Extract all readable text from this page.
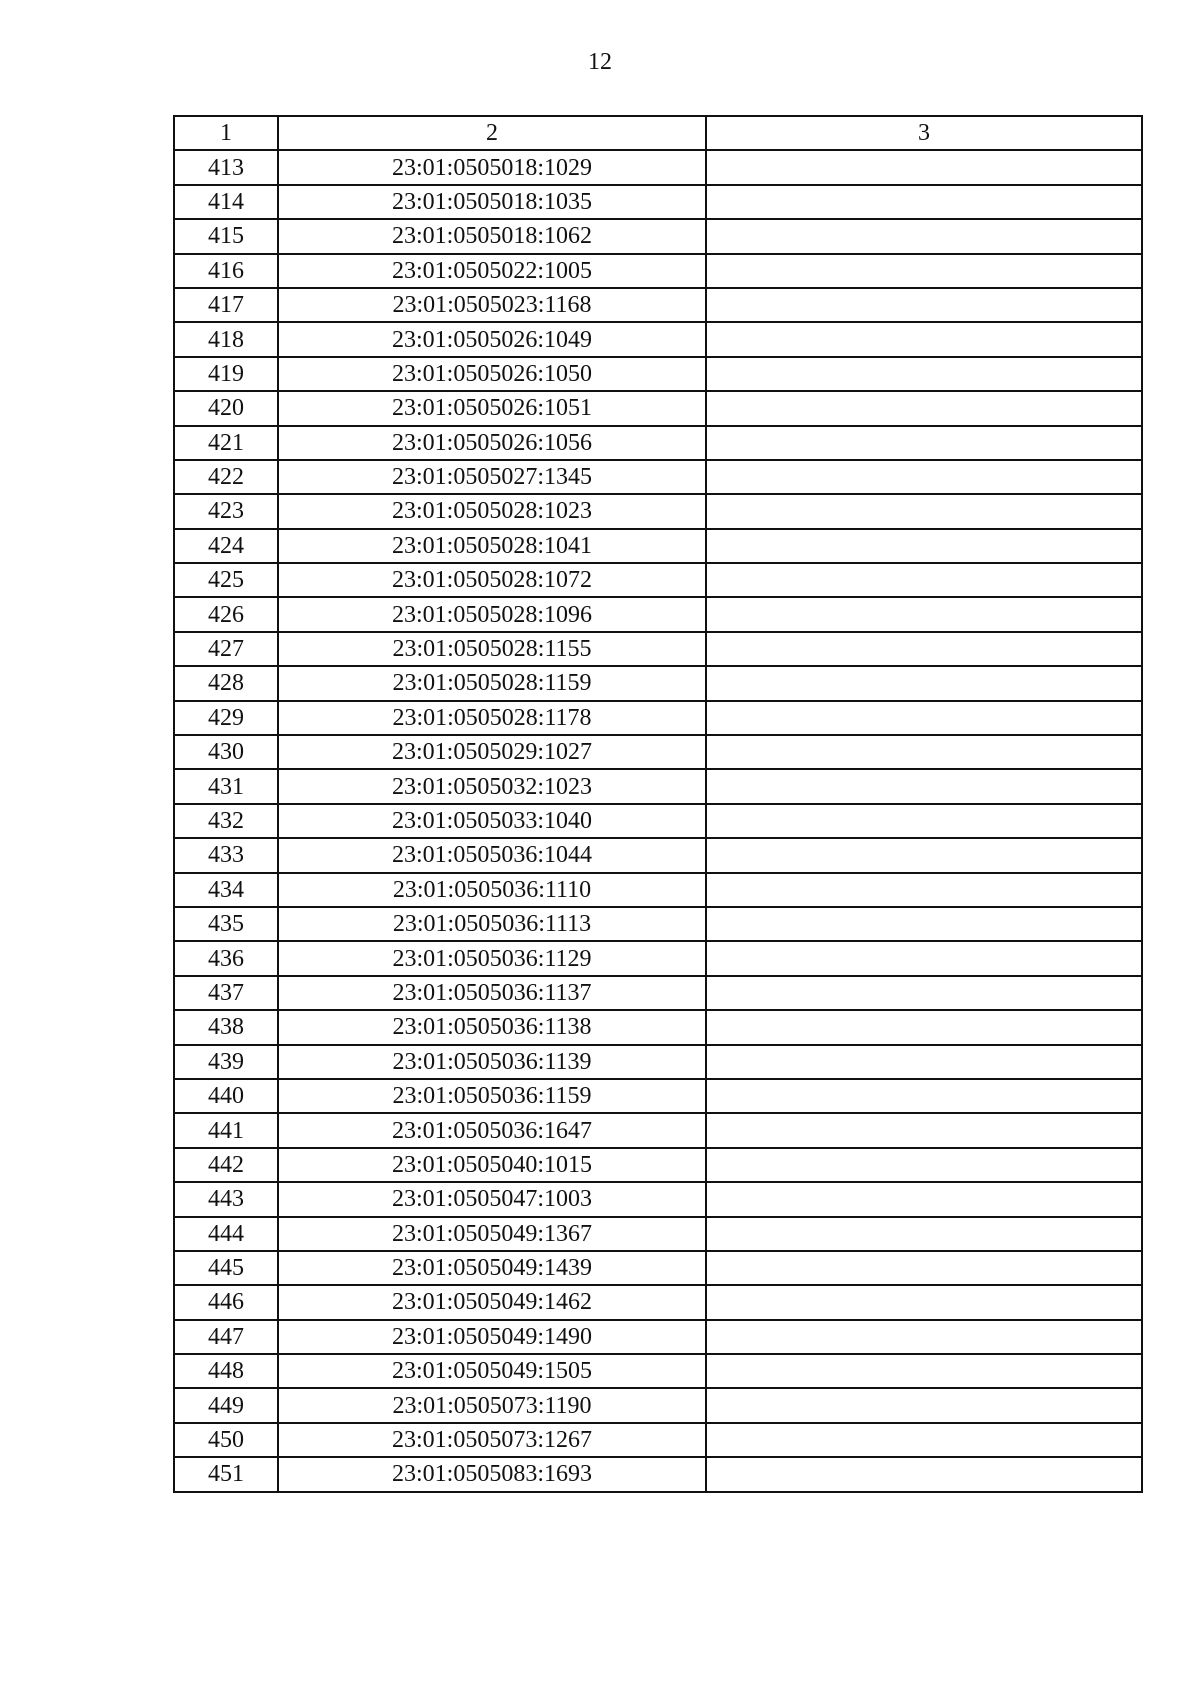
12
1	2	3
413	23:01:0505018:1029	
414	23:01:0505018:1035	
415	23:01:0505018:1062	
416	23:01:0505022:1005	
417	23:01:0505023:1168	
418	23:01:0505026:1049	
419	23:01:0505026:1050	
420	23:01:0505026:1051	
421	23:01:0505026:1056	
422	23:01:0505027:1345	
423	23:01:0505028:1023	
424	23:01:0505028:1041	
425	23:01:0505028:1072	
426	23:01:0505028:1096	
427	23:01:0505028:1155	
428	23:01:0505028:1159	
429	23:01:0505028:1178	
430	23:01:0505029:1027	
431	23:01:0505032:1023	
432	23:01:0505033:1040	
433	23:01:0505036:1044	
434	23:01:0505036:1110	
435	23:01:0505036:1113	
436	23:01:0505036:1129	
437	23:01:0505036:1137	
438	23:01:0505036:1138	
439	23:01:0505036:1139	
440	23:01:0505036:1159	
441	23:01:0505036:1647	
442	23:01:0505040:1015	
443	23:01:0505047:1003	
444	23:01:0505049:1367	
445	23:01:0505049:1439	
446	23:01:0505049:1462	
447	23:01:0505049:1490	
448	23:01:0505049:1505	
449	23:01:0505073:1190	
450	23:01:0505073:1267	
451	23:01:0505083:1693	
